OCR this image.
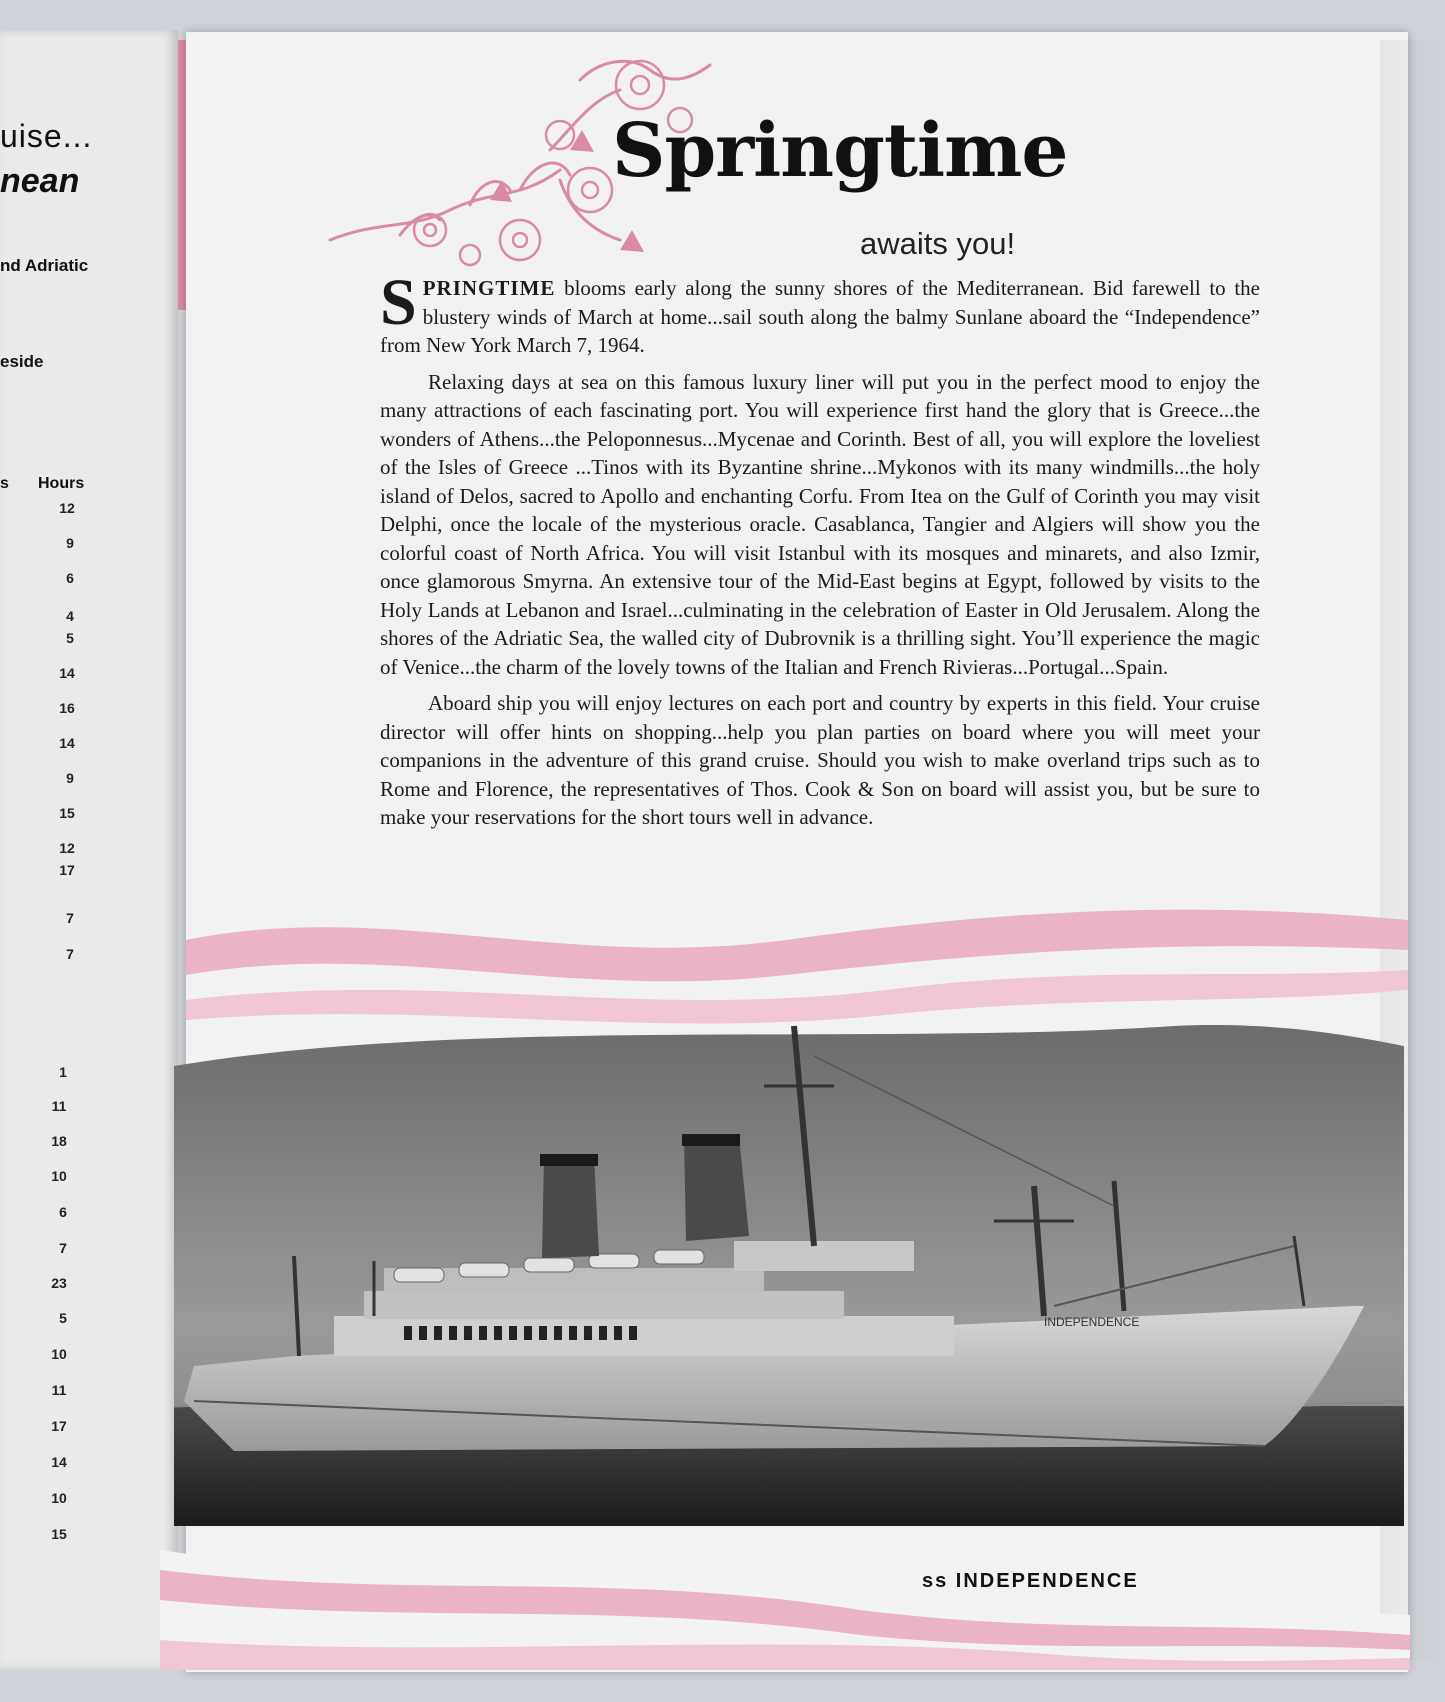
uise...
nean
nd Adriatic
eside
s Hours
12
9
6
4
5
14
16
14
9
15
12
17
7
7
1
11
18
10
6
7
23
5
10
11
17
14
10
15
Springtime
awaits you!

SPRINGTIME blooms early along the sunny shores of the Mediterranean. Bid farewell to the blustery winds of March at home...sail south along the balmy Sunlane aboard the “Independence” from New York March 7, 1964.

Relaxing days at sea on this famous luxury liner will put you in the perfect mood to enjoy the many attractions of each fascinating port. You will experience first hand the glory that is Greece...the wonders of Athens...the Peloponnesus...Mycenae and Corinth. Best of all, you will explore the loveliest of the Isles of Greece ...Tinos with its Byzantine shrine...Mykonos with its many windmills...the holy island of Delos, sacred to Apollo and enchanting Corfu. From Itea on the Gulf of Corinth you may visit Delphi, once the locale of the mysterious oracle. Casablanca, Tangier and Algiers will show you the colorful coast of North Africa. You will visit Istanbul with its mosques and minarets, and also Izmir, once glamorous Smyrna. An extensive tour of the Mid-East begins at Egypt, followed by visits to the Holy Lands at Lebanon and Israel...culminating in the celebration of Easter in Old Jerusalem. Along the shores of the Adriatic Sea, the walled city of Dubrovnik is a thrilling sight. You’ll experience the magic of Venice...the charm of the lovely towns of the Italian and French Rivieras...Portugal...Spain.

Aboard ship you will enjoy lectures on each port and country by experts in this field. Your cruise director will offer hints on shopping...help you plan parties on board where you will meet your companions in the adventure of this grand cruise. Should you wish to make overland trips such as to Rome and Florence, the representatives of Thos. Cook & Son on board will assist you, but be sure to make your reservations for the short tours well in advance.

INDEPENDENCE
ss INDEPENDENCE
